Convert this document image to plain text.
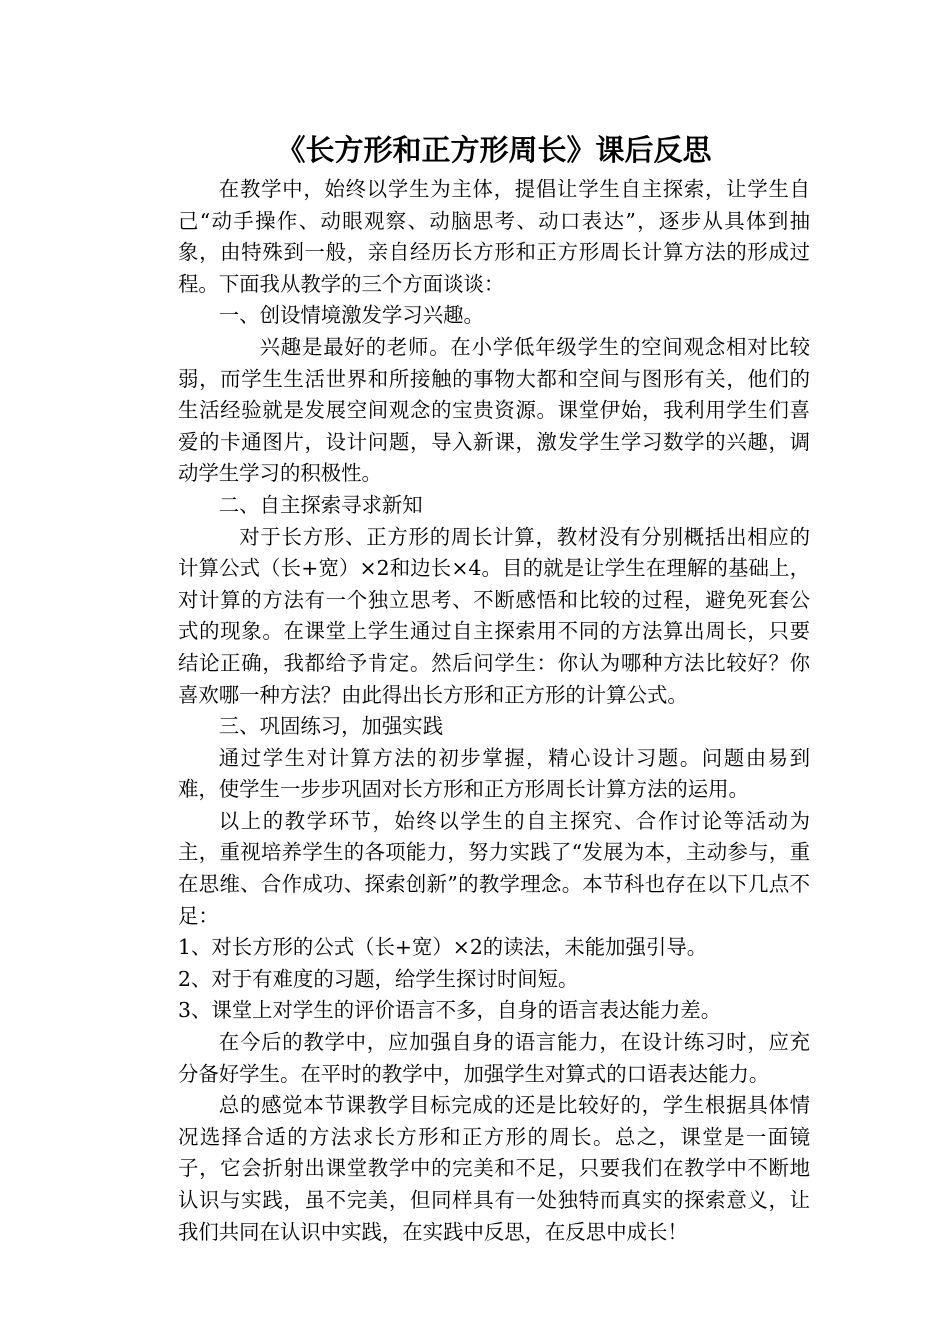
《长方形和正方形周长》课后反思

在教学中，始终以学生为主体，提倡让学生自主探索，让学生自己“动手操作、动眼观察、动脑思考、动口表达”，逐步从具体到抽象，由特殊到一般，亲自经历长方形和正方形周长计算方法的形成过程。下面我从教学的三个方面谈谈：

一、创设情境激发学习兴趣。

兴趣是最好的老师。在小学低年级学生的空间观念相对比较弱，而学生生活世界和所接触的事物大都和空间与图形有关，他们的生活经验就是发展空间观念的宝贵资源。课堂伊始，我利用学生们喜爱的卡通图片，设计问题，导入新课，激发学生学习数学的兴趣，调动学生学习的积极性。

二、自主探索寻求新知

对于长方形、正方形的周长计算，教材没有分别概括出相应的计算公式（长+宽）×2和边长×4。目的就是让学生在理解的基础上，对计算的方法有一个独立思考、不断感悟和比较的过程，避免死套公式的现象。在课堂上学生通过自主探索用不同的方法算出周长，只要结论正确，我都给予肯定。然后问学生：你认为哪种方法比较好？你喜欢哪一种方法？由此得出长方形和正方形的计算公式。

三、巩固练习，加强实践

通过学生对计算方法的初步掌握，精心设计习题。问题由易到难，使学生一步步巩固对长方形和正方形周长计算方法的运用。

以上的教学环节，始终以学生的自主探究、合作讨论等活动为主，重视培养学生的各项能力，努力实践了“发展为本，主动参与，重在思维、合作成功、探索创新”的教学理念。本节科也存在以下几点不足：

1、对长方形的公式（长+宽）×2的读法，未能加强引导。

2、对于有难度的习题，给学生探讨时间短。

3、课堂上对学生的评价语言不多，自身的语言表达能力差。

在今后的教学中，应加强自身的语言能力，在设计练习时，应充分备好学生。在平时的教学中，加强学生对算式的口语表达能力。

总的感觉本节课教学目标完成的还是比较好的，学生根据具体情况选择合适的方法求长方形和正方形的周长。总之，课堂是一面镜子，它会折射出课堂教学中的完美和不足，只要我们在教学中不断地认识与实践，虽不完美，但同样具有一处独特而真实的探索意义，让我们共同在认识中实践，在实践中反思，在反思中成长！
